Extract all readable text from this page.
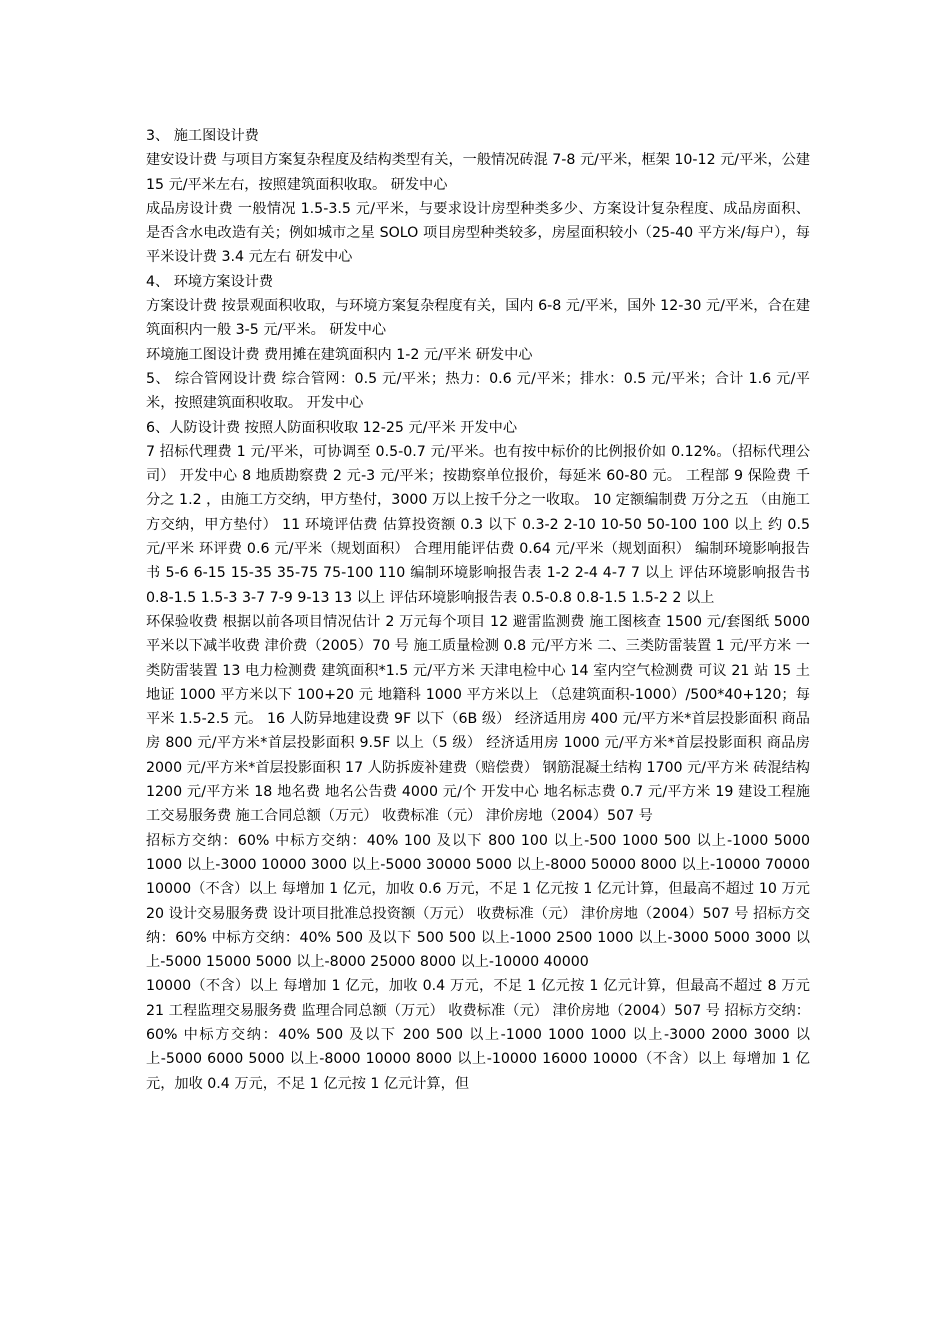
3、 施工图设计费

建安设计费 与项目方案复杂程度及结构类型有关，一般情况砖混 7-8 元/平米，框架 10-12 元/平米，公建 15 元/平米左右，按照建筑面积收取。 研发中心

成品房设计费 一般情况 1.5-3.5 元/平米，与要求设计房型种类多少、方案设计复杂程度、成品房面积、是否含水电改造有关；例如城市之星 SOLO 项目房型种类较多，房屋面积较小（25-40 平方米/每户），每平米设计费 3.4 元左右 研发中心

4、 环境方案设计费

方案设计费 按景观面积收取，与环境方案复杂程度有关，国内 6-8 元/平米，国外 12-30 元/平米，合在建筑面积内一般 3-5 元/平米。 研发中心

环境施工图设计费 费用摊在建筑面积内 1-2 元/平米 研发中心

5、 综合管网设计费 综合管网：0.5 元/平米；热力：0.6 元/平米；排水：0.5 元/平米；合计 1.6 元/平米，按照建筑面积收取。 开发中心

6、人防设计费 按照人防面积收取 12-25 元/平米 开发中心

7 招标代理费 1 元/平米，可协调至 0.5-0.7 元/平米。也有按中标价的比例报价如 0.12%。（招标代理公司） 开发中心 8 地质勘察费 2 元-3 元/平米；按勘察单位报价，每延米 60-80 元。 工程部 9 保险费 千分之 1.2 ，由施工方交纳，甲方垫付，3000 万以上按千分之一收取。 10 定额编制费 万分之五 （由施工方交纳，甲方垫付） 11 环境评估费 估算投资额 0.3 以下 0.3-2 2-10 10-50 50-100 100 以上 约 0.5 元/平米 环评费 0.6 元/平米（规划面积） 合理用能评估费 0.64 元/平米（规划面积） 编制环境影响报告书 5-6 6-15 15-35 35-75 75-100 110 编制环境影响报告表 1-2 2-4 4-7 7 以上 评估环境影响报告书 0.8-1.5 1.5-3 3-7 7-9 9-13 13 以上 评估环境影响报告表 0.5-0.8 0.8-1.5 1.5-2 2 以上

环保验收费 根据以前各项目情况估计 2 万元每个项目 12 避雷监测费 施工图核查 1500 元/套图纸 5000 平米以下减半收费 津价费（2005）70 号 施工质量检测 0.8 元/平方米 二、三类防雷装置 1 元/平方米 一类防雷装置 13 电力检测费 建筑面积*1.5 元/平方米 天津电检中心 14 室内空气检测费 可议 21 站 15 土地证 1000 平方米以下 100+20 元 地籍科 1000 平方米以上 （总建筑面积-1000）/500*40+120；每平米 1.5-2.5 元。 16 人防异地建设费 9F 以下（6B 级） 经济适用房 400 元/平方米*首层投影面积 商品房 800 元/平方米*首层投影面积 9.5F 以上（5 级） 经济适用房 1000 元/平方米*首层投影面积 商品房 2000 元/平方米*首层投影面积 17 人防拆废补建费（赔偿费） 钢筋混凝土结构 1700 元/平方米 砖混结构 1200 元/平方米 18 地名费 地名公告费 4000 元/个 开发中心 地名标志费 0.7 元/平方米 19 建设工程施工交易服务费 施工合同总额（万元） 收费标准（元） 津价房地（2004）507 号

招标方交纳：60% 中标方交纳：40% 100 及以下 800 100 以上-500 1000 500 以上-1000 5000 1000 以上-3000 10000 3000 以上-5000 30000 5000 以上-8000 50000 8000 以上-10000 70000 10000（不含）以上 每增加 1 亿元，加收 0.6 万元，不足 1 亿元按 1 亿元计算，但最高不超过 10 万元 20 设计交易服务费 设计项目批准总投资额（万元） 收费标准（元） 津价房地（2004）507 号 招标方交纳：60% 中标方交纳：40% 500 及以下 500 500 以上-1000 2500 1000 以上-3000 5000 3000 以上-5000 15000 5000 以上-8000 25000 8000 以上-10000 40000

10000（不含）以上 每增加 1 亿元，加收 0.4 万元，不足 1 亿元按 1 亿元计算，但最高不超过 8 万元 21 工程监理交易服务费 监理合同总额（万元） 收费标准（元） 津价房地（2004）507 号 招标方交纳：60% 中标方交纳：40% 500 及以下 200 500 以上-1000 1000 1000 以上-3000 2000 3000 以上-5000 6000 5000 以上-8000 10000 8000 以上-10000 16000 10000（不含）以上 每增加 1 亿元，加收 0.4 万元，不足 1 亿元按 1 亿元计算，但
